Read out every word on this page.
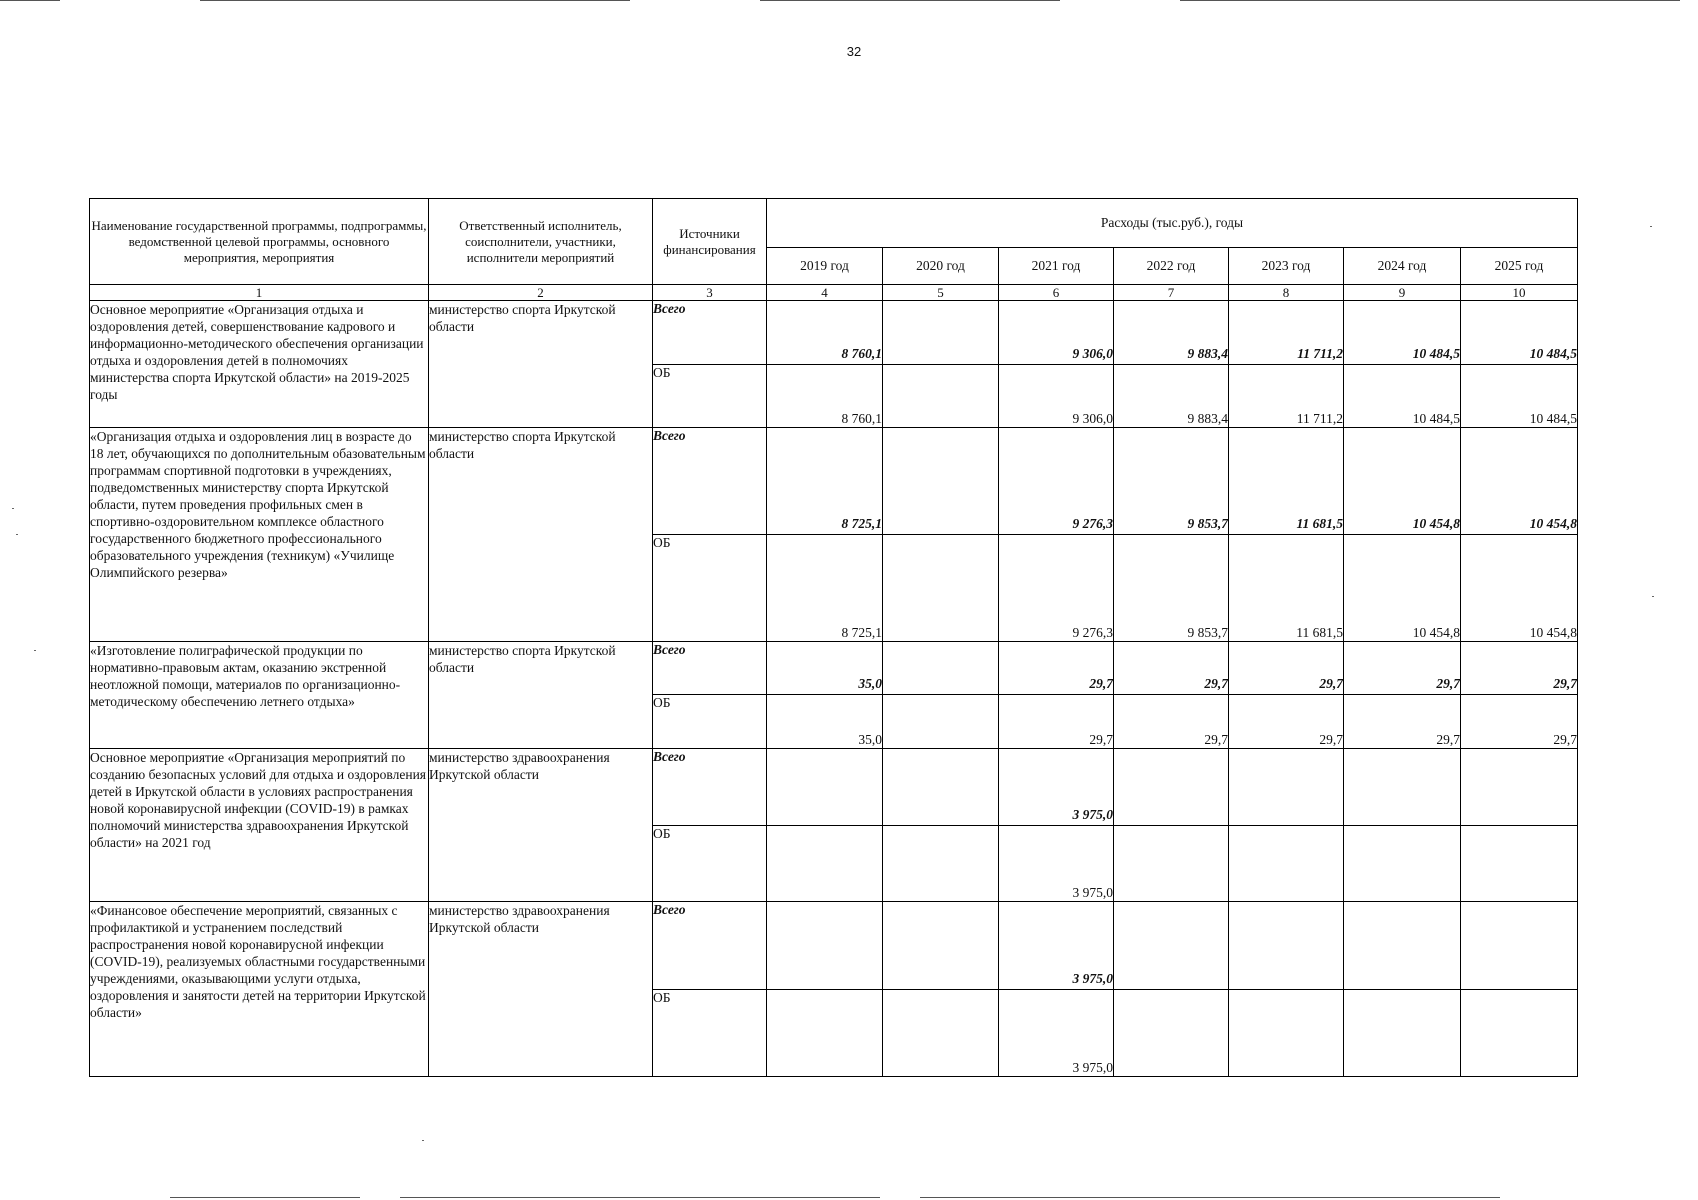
32
Наименование государственной программы, подпрограммы, ведомственной целевой программы, основного мероприятия, мероприятия	Ответственный исполнитель, соисполнители, участники, исполнители мероприятий	Источники финансирования	Расходы (тыс.руб.), годы						
			2019 год	2020 год	2021 год	2022 год	2023 год	2024 год	2025 год
1	2	3	4	5	6	7	8	9	10
Основное мероприятие «Организация отдыха и оздоровления детей, совершенствование кадрового и информационно-методического обеспечения организации отдыха и оздоровления детей в полномочиях министерства спорта Иркутской области» на 2019-2025 годы	министерство спорта Иркутской области	Всего	8 760,1		9 306,0	9 883,4	11 711,2	10 484,5	10 484,5
		ОБ	8 760,1		9 306,0	9 883,4	11 711,2	10 484,5	10 484,5
«Организация отдыха и оздоровления лиц в возрасте до 18 лет, обучающихся по дополнительным обазовательным программам спортивной подготовки в учреждениях, подведомственных министерству спорта Иркутской области, путем проведения профильных смен в спортивно-оздоровительном комплексе областного государственного бюджетного профессионального образовательного учреждения (техникум) «Училище Олимпийского резерва»	министерство спорта Иркутской области	Всего	8 725,1		9 276,3	9 853,7	11 681,5	10 454,8	10 454,8
		ОБ	8 725,1		9 276,3	9 853,7	11 681,5	10 454,8	10 454,8
«Изготовление полиграфической продукции по нормативно-правовым актам, оказанию экстренной неотложной помощи, материалов по организационно-методическому обеспечению летнего отдыха»	министерство спорта Иркутской области	Всего	35,0		29,7	29,7	29,7	29,7	29,7
		ОБ	35,0		29,7	29,7	29,7	29,7	29,7
Основное мероприятие «Организация мероприятий по созданию безопасных условий для отдыха и оздоровления детей в Иркутской области в условиях распространения новой коронавирусной инфекции (COVID-19) в рамках полномочий министерства здравоохранения Иркутской области» на 2021 год	министерство здравоохранения Иркутской области	Всего			3 975,0				
		ОБ			3 975,0				
«Финансовое обеспечение мероприятий, связанных с профилактикой и устранением последствий распространения новой коронавирусной инфекции (COVID-19), реализуемых областными государственными учреждениями, оказывающими услуги отдыха, оздоровления и занятости детей на территории Иркутской области»	министерство здравоохранения Иркутской области	Всего			3 975,0				
		ОБ			3 975,0				
